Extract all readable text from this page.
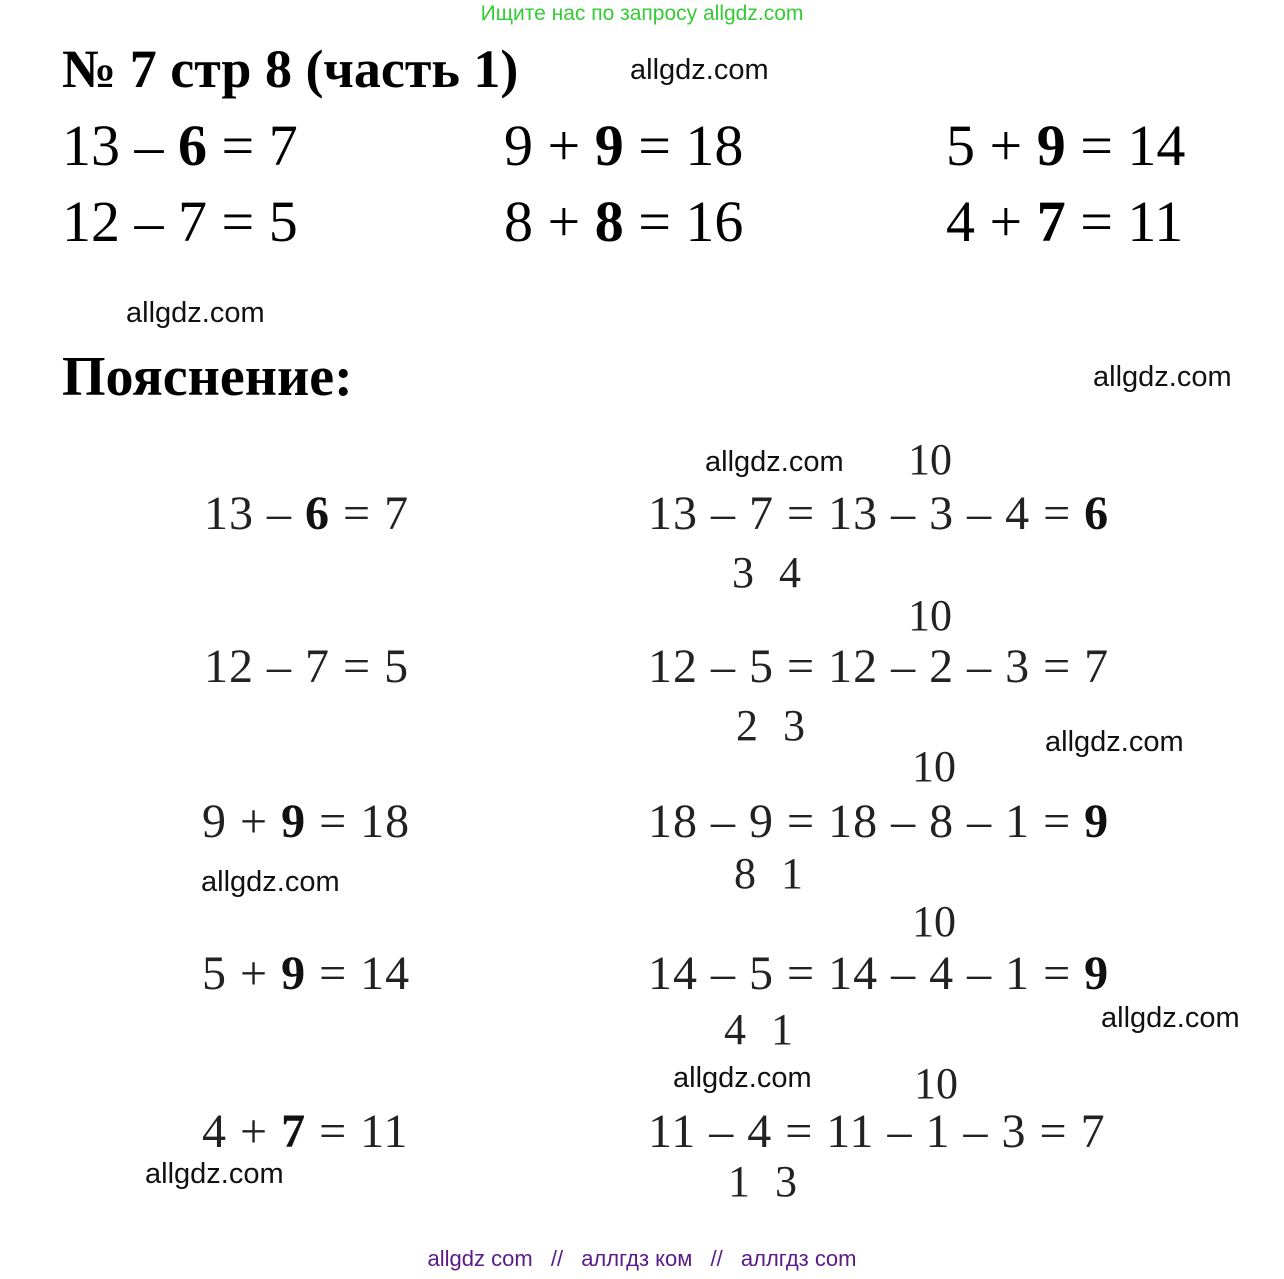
Ищите нас по запросу allgdz.com
№ 7 стр 8 (часть 1)	allgdz.com
13 – 6 = 7	9 + 9 = 18	5 + 9 = 14
12 – 7 = 5	8 + 8 = 16	4 + 7 = 11
allgdz.com
Пояснение:	allgdz.com
allgdz.com 10
13 – 6 = 7	13 – 7 = 13 – 3 – 4 = 6
3 4
10
12 – 7 = 5	12 – 5 = 12 – 2 – 3 = 7
2 3	allgdz.com
10
9 + 9 = 18	18 – 9 = 18 – 8 – 1 = 9
8 1
allgdz.com
10
5 + 9 = 14	14 – 5 = 14 – 4 – 1 = 9
4 1	allgdz.com
allgdz.com 10
4 + 7 = 11	11 – 4 = 11 – 1 – 3 = 7
1 3
allgdz.com
allgdz com // аллгдз ком // аллгдз com
